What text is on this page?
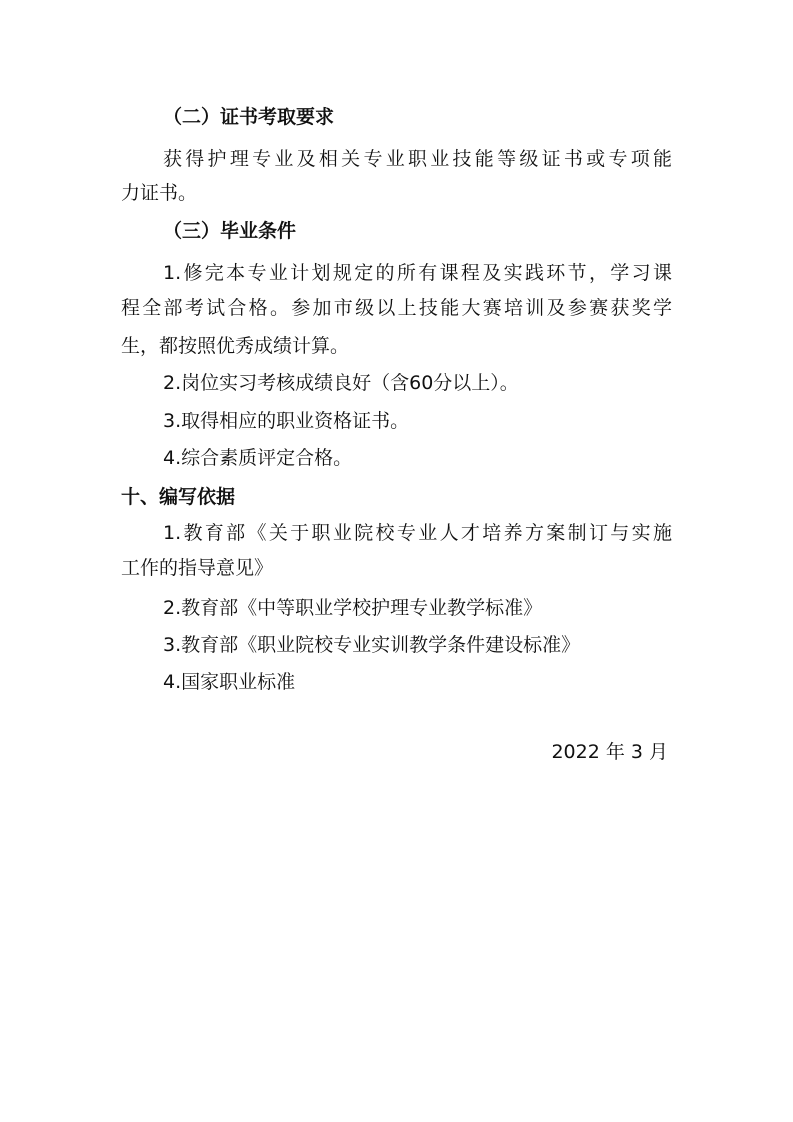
（二）证书考取要求
获得护理专业及相关专业职业技能等级证书或专项能
力证书。
（三）毕业条件
1.修完本专业计划规定的所有课程及实践环节，学习课
程全部考试合格。参加市级以上技能大赛培训及参赛获奖学
生，都按照优秀成绩计算。
2.岗位实习考核成绩良好（含60分以上）。
3.取得相应的职业资格证书。
4.综合素质评定合格。
十、编写依据
1.教育部《关于职业院校专业人才培养方案制订与实施
工作的指导意见》
2.教育部《中等职业学校护理专业教学标准》
3.教育部《职业院校专业实训教学条件建设标准》
4.国家职业标准
2022 年 3 月
